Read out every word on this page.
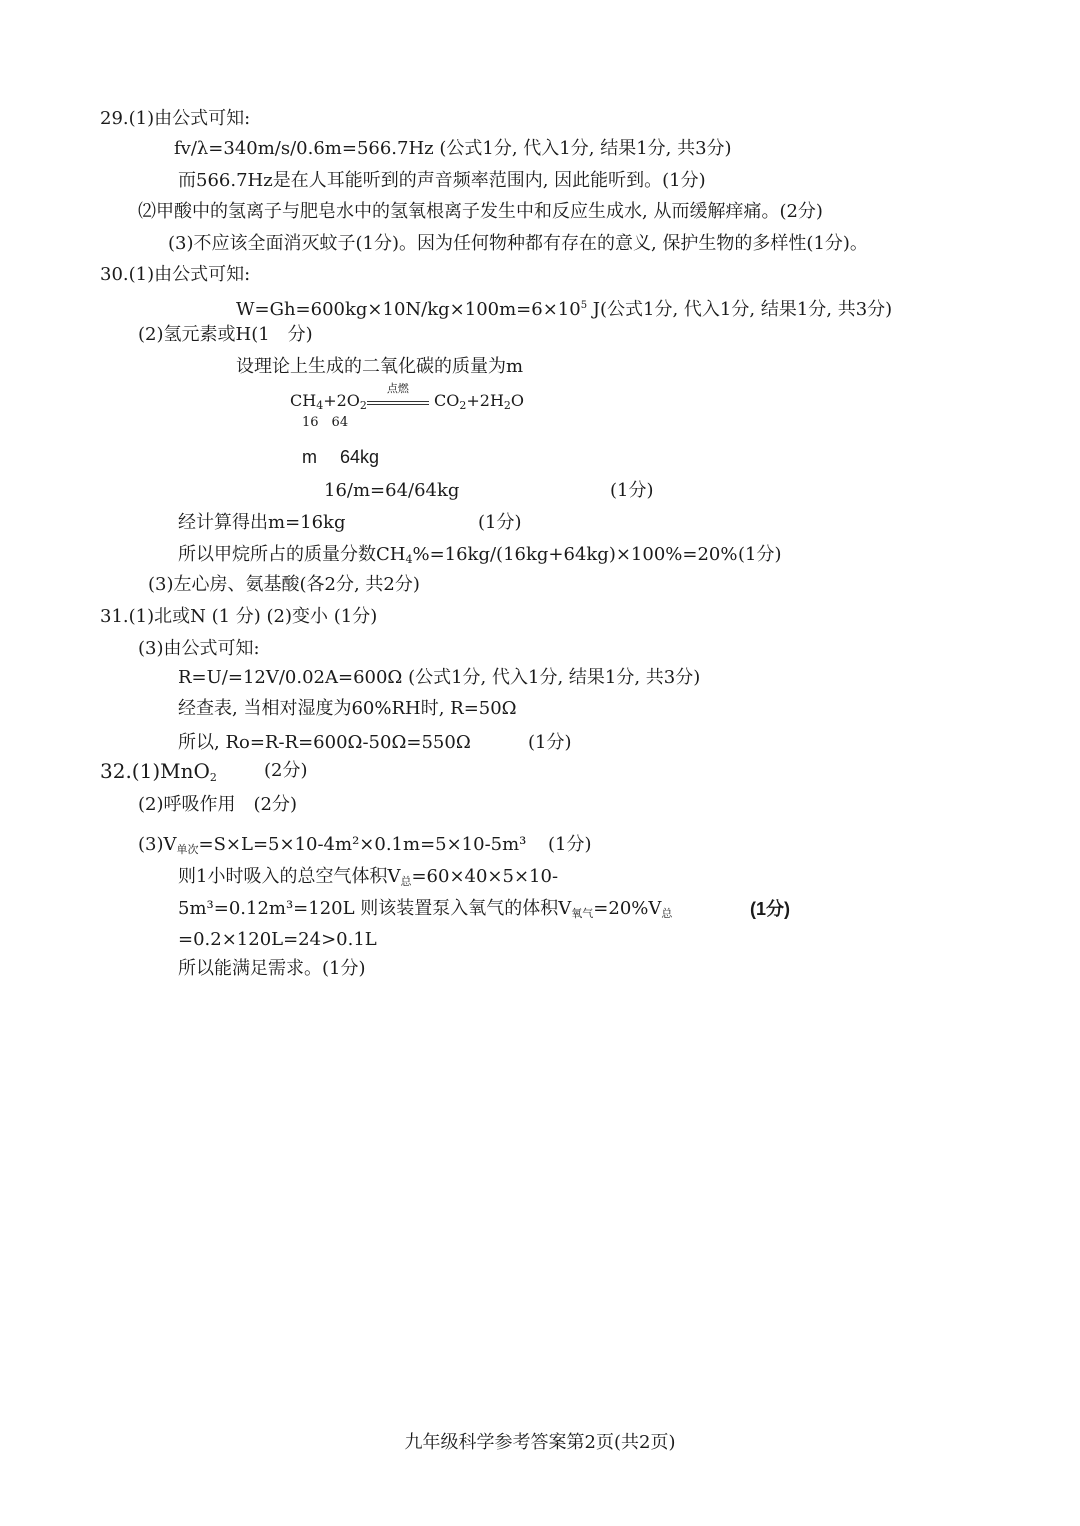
29.(1)由公式可知:
fv/λ=340m/s/0.6m=566.7Hz (公式1分, 代入1分, 结果1分, 共3分)
而566.7Hz是在人耳能听到的声音频率范围内, 因此能听到。(1分)
⑵甲酸中的氢离子与肥皂水中的氢氧根离子发生中和反应生成水, 从而缓解痒痛。(2分)
(3)不应该全面消灭蚊子(1分)。因为任何物种都有存在的意义, 保护生物的多样性(1分)。
30.(1)由公式可知:
$W=Gh=600kg\times 10N/kg\times 100m=6\times 10^5$ J(公式1分, 代入1分, 结果1分, 共3分)
(2)氢元素或H(1　分)
设理论上生成的二氧化碳的质量为m
$CH_4+2O_2$
点燃
$CO_2+2H_2O$
16　64
m　 64kg
16/m=64/64kg	(1分)
经计算得出m=16kg	(1分)
所以甲烷所占的质量分数$CH_4\%=16kg/(16kg+64kg)\times 100\%=20\%$ (1分)
(3)左心房、氨基酸(各2分, 共2分)
31.(1)北或N (1 分) (2)变小 (1分)
(3)由公式可知:
R=U/=12V/0.02A=600Ω (公式1分, 代入1分, 结果1分, 共3分)
经查表, 当相对湿度为60%RH时, R=50Ω
所以, Ro=R-R=600Ω-50Ω=550Ω	(1分)
32.(1)MnO$_2$	(2分)
(2)呼吸作用　(2分)
$(3)V_{单次}=S\times L=5\times 10-4m^2\times 0.1m=5\times 10-5m^3$ (1分)
则1小时吸入的总空气体积$V_总=60\times 40\times 5\times 10-$
5m³=0.12m³=120L 则该装置泵入氧气的体积$V_{氧气}=20\%V_总$	(1分)
=0.2×120L=24>0.1L
所以能满足需求。(1分)
九年级科学参考答案第2页(共2页)
